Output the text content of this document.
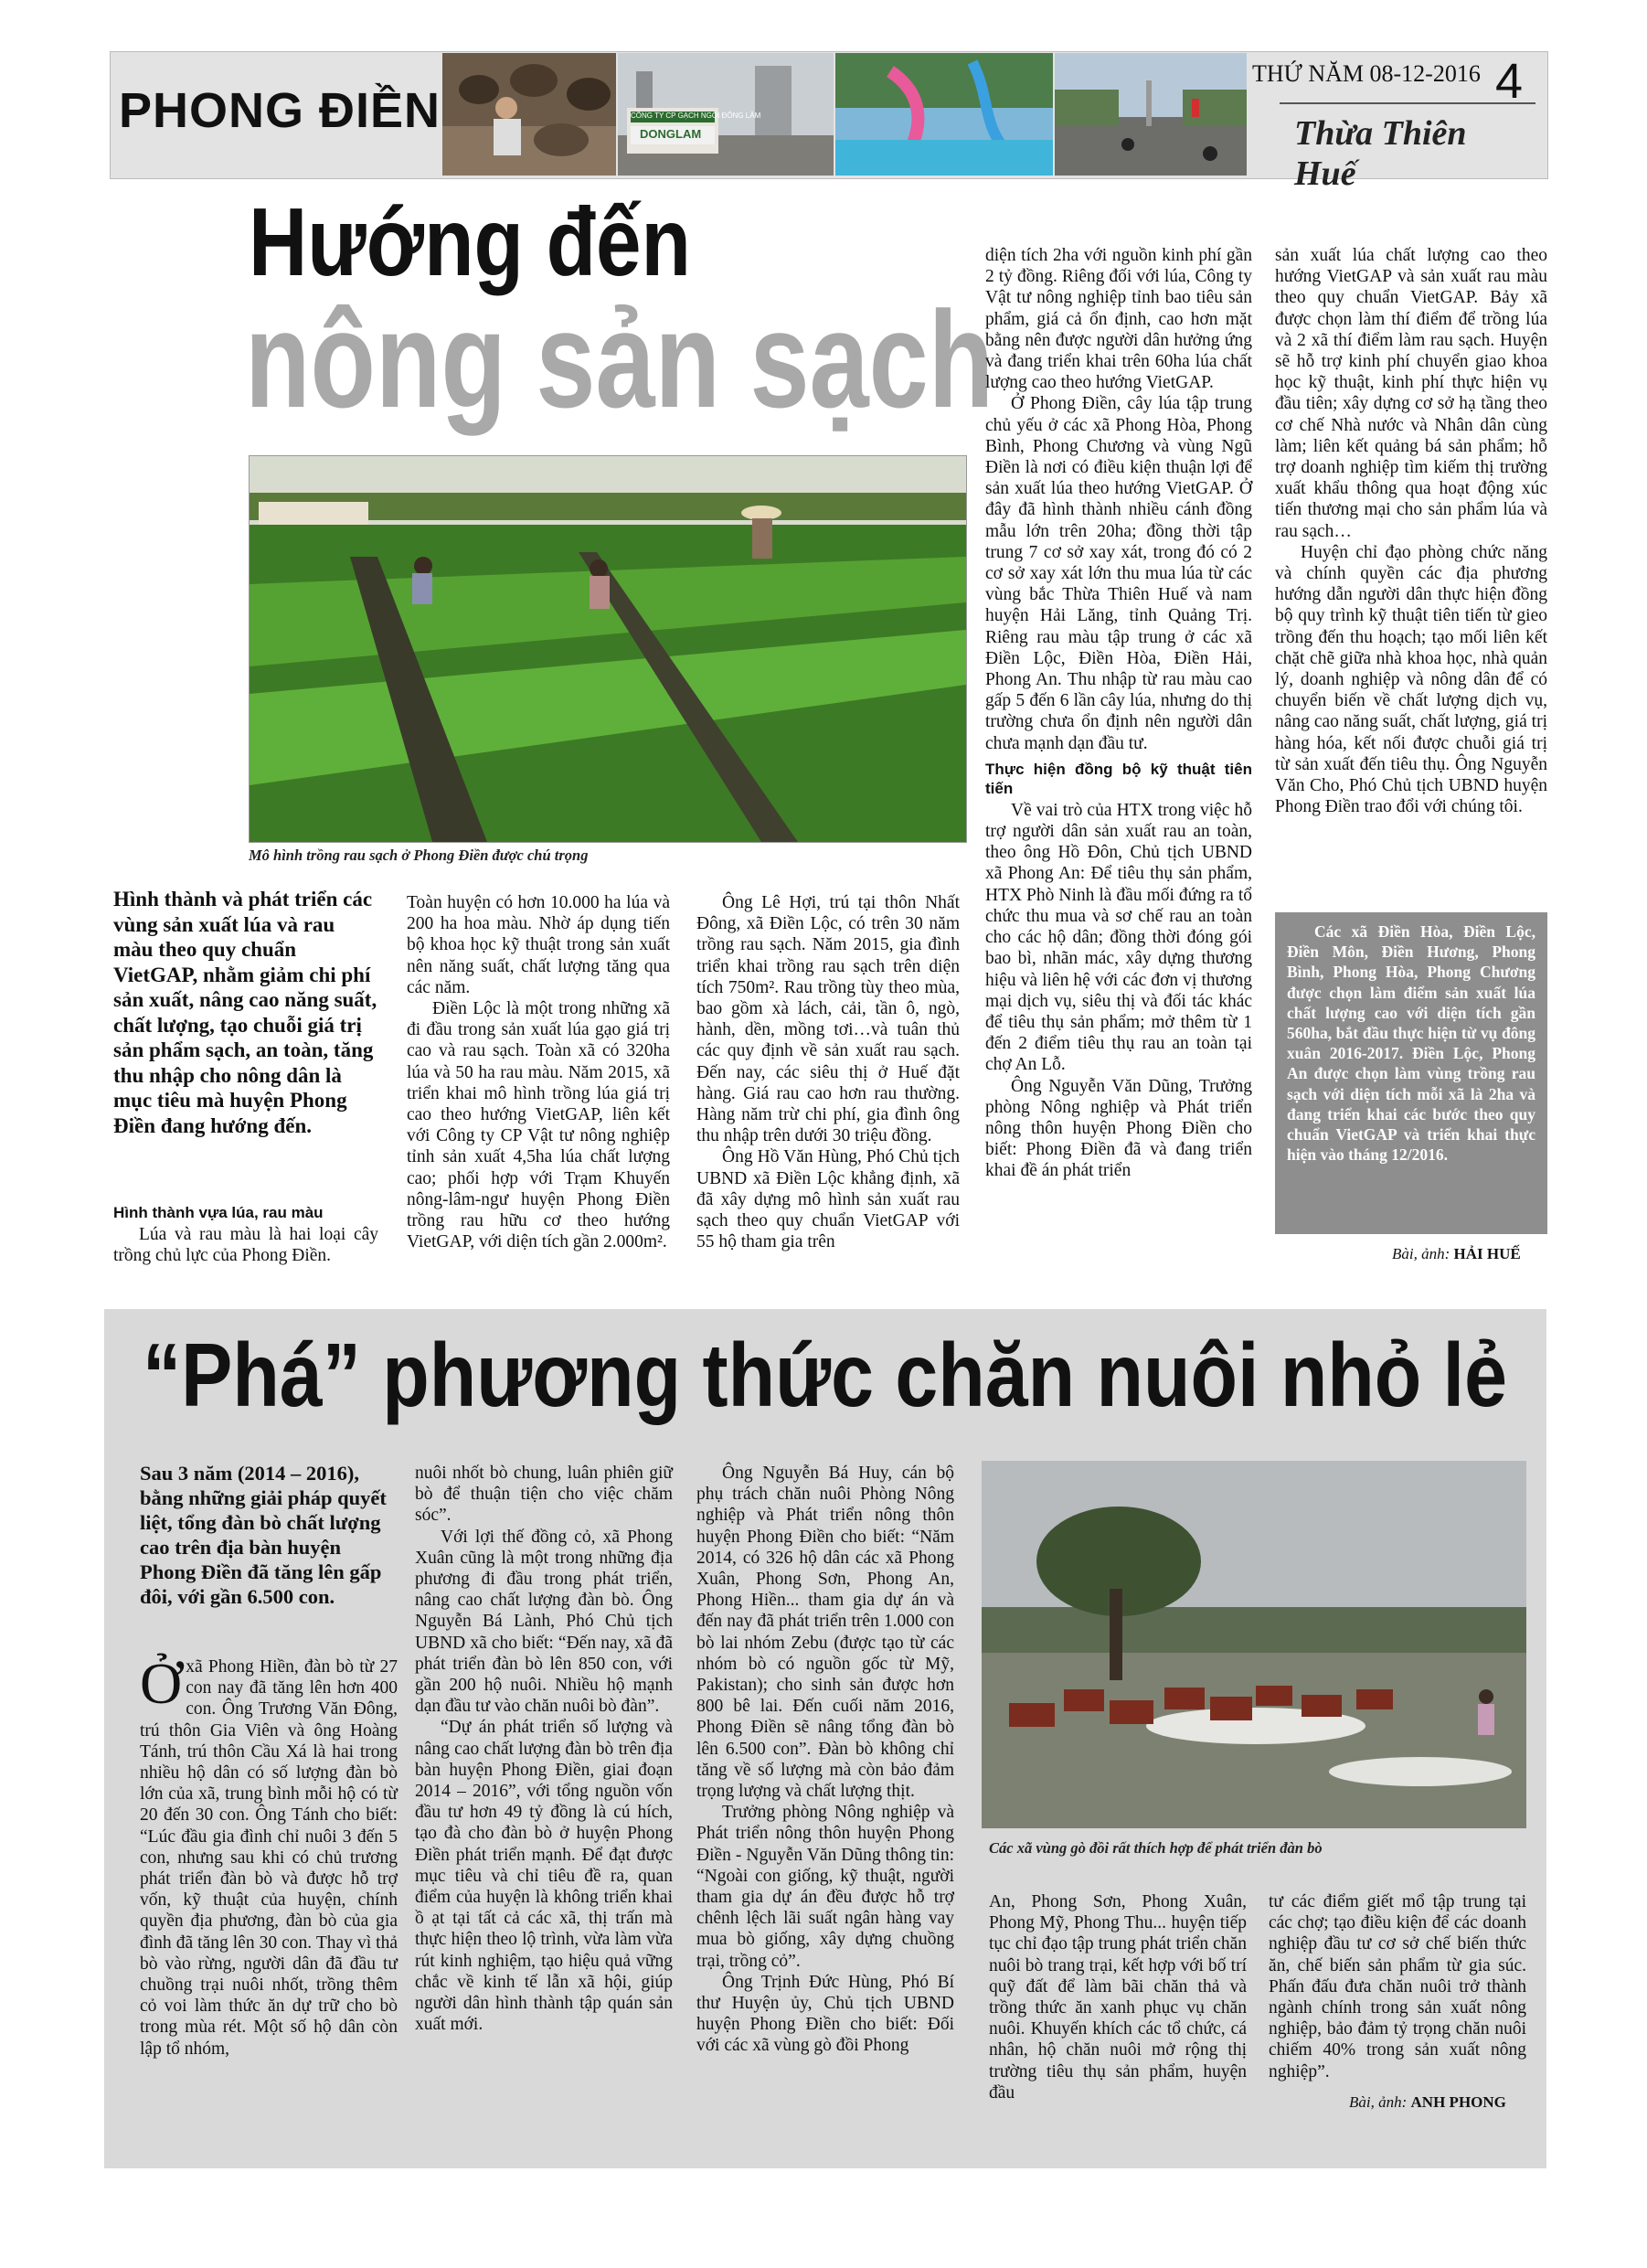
PHONG ĐIỀN	CÔNG TY CP GẠCH NGÓI ĐÔNG LÂM
DONGLAM
THỨ NĂM 08-12-2016 4
Thừa Thiên Huế
Hướng đến
nông sản sạch
Mô hình trồng rau sạch ở Phong Điền được chú trọng
Hình thành và phát triển các vùng sản xuất lúa và rau màu theo quy chuẩn VietGAP, nhằm giảm chi phí sản xuất, nâng cao năng suất, chất lượng, tạo chuỗi giá trị sản phẩm sạch, an toàn, tăng thu nhập cho nông dân là mục tiêu mà huyện Phong Điền đang hướng đến.
Hình thành vựa lúa, rau màu

Lúa và rau màu là hai loại cây trồng chủ lực của Phong Điền.

Toàn huyện có hơn 10.000 ha lúa và 200 ha hoa màu. Nhờ áp dụng tiến bộ khoa học kỹ thuật trong sản xuất nên năng suất, chất lượng tăng qua các năm.

Điền Lộc là một trong những xã đi đầu trong sản xuất lúa gạo giá trị cao và rau sạch. Toàn xã có 320ha lúa và 50 ha rau màu. Năm 2015, xã triển khai mô hình trồng lúa giá trị cao theo hướng VietGAP, liên kết với Công ty CP Vật tư nông nghiệp tỉnh sản xuất 4,5ha lúa chất lượng cao; phối hợp với Trạm Khuyến nông-lâm-ngư huyện Phong Điền trồng rau hữu cơ theo hướng VietGAP, với diện tích gần 2.000m².

Ông Lê Hợi, trú tại thôn Nhất Đông, xã Điền Lộc, có trên 30 năm trồng rau sạch. Năm 2015, gia đình triển khai trồng rau sạch trên diện tích 750m². Rau trồng tùy theo mùa, bao gồm xà lách, cải, tần ô, ngò, hành, dền, mồng tơi…và tuân thủ các quy định về sản xuất rau sạch. Đến nay, các siêu thị ở Huế đặt hàng. Giá rau cao hơn rau thường. Hàng năm trừ chi phí, gia đình ông thu nhập trên dưới 30 triệu đồng.

Ông Hồ Văn Hùng, Phó Chủ tịch UBND xã Điền Lộc khẳng định, xã đã xây dựng mô hình sản xuất rau sạch theo quy chuẩn VietGAP với 55 hộ tham gia trên

diện tích 2ha với nguồn kinh phí gần 2 tỷ đồng. Riêng đối với lúa, Công ty Vật tư nông nghiệp tỉnh bao tiêu sản phẩm, giá cả ổn định, cao hơn mặt bằng nên được người dân hưởng ứng và đang triển khai trên 60ha lúa chất lượng cao theo hướng VietGAP.

Ở Phong Điền, cây lúa tập trung chủ yếu ở các xã Phong Hòa, Phong Bình, Phong Chương và vùng Ngũ Điền là nơi có điều kiện thuận lợi để sản xuất lúa theo hướng VietGAP. Ở đây đã hình thành nhiều cánh đồng mẫu lớn trên 20ha; đồng thời tập trung 7 cơ sở xay xát, trong đó có 2 cơ sở xay xát lớn thu mua lúa từ các vùng bắc Thừa Thiên Huế và nam huyện Hải Lăng, tỉnh Quảng Trị. Riêng rau màu tập trung ở các xã Điền Lộc, Điền Hòa, Điền Hải, Phong An. Thu nhập từ rau màu cao gấp 5 đến 6 lần cây lúa, nhưng do thị trường chưa ổn định nên người dân chưa mạnh dạn đầu tư.

Thực hiện đồng bộ kỹ thuật tiên tiến

Về vai trò của HTX trong việc hỗ trợ người dân sản xuất rau an toàn, theo ông Hồ Đôn, Chủ tịch UBND xã Phong An: Để tiêu thụ sản phẩm, HTX Phò Ninh là đầu mối đứng ra tổ chức thu mua và sơ chế rau an toàn cho các hộ dân; đồng thời đóng gói bao bì, nhãn mác, xây dựng thương hiệu và liên hệ với các đơn vị thương mại dịch vụ, siêu thị và đối tác khác để tiêu thụ sản phẩm; mở thêm từ 1 đến 2 điểm tiêu thụ rau an toàn tại chợ An Lỗ.

Ông Nguyễn Văn Dũng, Trưởng phòng Nông nghiệp và Phát triển nông thôn huyện Phong Điền cho biết: Phong Điền đã và đang triển khai đề án phát triển

sản xuất lúa chất lượng cao theo hướng VietGAP và sản xuất rau màu theo quy chuẩn VietGAP. Bảy xã được chọn làm thí điểm để trồng lúa và 2 xã thí điểm làm rau sạch. Huyện sẽ hỗ trợ kinh phí chuyển giao khoa học kỹ thuật, kinh phí thực hiện vụ đầu tiên; xây dựng cơ sở hạ tầng theo cơ chế Nhà nước và Nhân dân cùng làm; liên kết quảng bá sản phẩm; hỗ trợ doanh nghiệp tìm kiếm thị trường xuất khẩu thông qua hoạt động xúc tiến thương mại cho sản phẩm lúa và rau sạch…

Huyện chỉ đạo phòng chức năng và chính quyền các địa phương hướng dẫn người dân thực hiện đồng bộ quy trình kỹ thuật tiên tiến từ gieo trồng đến thu hoạch; tạo mối liên kết chặt chẽ giữa nhà khoa học, nhà quản lý, doanh nghiệp và nông dân để có chuyển biến về chất lượng dịch vụ, nâng cao năng suất, chất lượng, giá trị hàng hóa, kết nối được chuỗi giá trị từ sản xuất đến tiêu thụ. Ông Nguyễn Văn Cho, Phó Chủ tịch UBND huyện Phong Điền trao đổi với chúng tôi.

Các xã Điền Hòa, Điền Lộc, Điền Môn, Điền Hương, Phong Bình, Phong Hòa, Phong Chương được chọn làm điểm sản xuất lúa chất lượng cao với diện tích gần 560ha, bắt đầu thực hiện từ vụ đông xuân 2016-2017. Điền Lộc, Phong An được chọn làm vùng trồng rau sạch với diện tích mỗi xã là 2ha và đang triển khai các bước theo quy chuẩn VietGAP và triển khai thực hiện vào tháng 12/2016.
Bài, ảnh: HẢI HUẾ
“Phá” phương thức chăn nuôi nhỏ lẻ
Sau 3 năm (2014 – 2016), bằng những giải pháp quyết liệt, tổng đàn bò chất lượng cao trên địa bàn huyện Phong Điền đã tăng lên gấp đôi, với gần 6.500 con.
Ở xã Phong Hiền, đàn bò từ 27 con nay đã tăng lên hơn 400 con. Ông Trương Văn Đông, trú thôn Gia Viên và ông Hoàng Tánh, trú thôn Cầu Xá là hai trong nhiều hộ dân có số lượng đàn bò lớn của xã, trung bình mỗi hộ có từ 20 đến 30 con. Ông Tánh cho biết: “Lúc đầu gia đình chỉ nuôi 3 đến 5 con, nhưng sau khi có chủ trương phát triển đàn bò và được hỗ trợ vốn, kỹ thuật của huyện, chính quyền địa phương, đàn bò của gia đình đã tăng lên 30 con. Thay vì thả bò vào rừng, người dân đã đầu tư chuồng trại nuôi nhốt, trồng thêm cỏ voi làm thức ăn dự trữ cho bò trong mùa rét. Một số hộ dân còn lập tổ nhóm,

nuôi nhốt bò chung, luân phiên giữ bò để thuận tiện cho việc chăm sóc”.

Với lợi thế đồng cỏ, xã Phong Xuân cũng là một trong những địa phương đi đầu trong phát triển, nâng cao chất lượng đàn bò. Ông Nguyễn Bá Lành, Phó Chủ tịch UBND xã cho biết: “Đến nay, xã đã phát triển đàn bò lên 850 con, với gần 200 hộ nuôi. Nhiều hộ mạnh dạn đầu tư vào chăn nuôi bò đàn”.

“Dự án phát triển số lượng và nâng cao chất lượng đàn bò trên địa bàn huyện Phong Điền, giai đoạn 2014 – 2016”, với tổng nguồn vốn đầu tư hơn 49 tỷ đồng là cú hích, tạo đà cho đàn bò ở huyện Phong Điền phát triển mạnh. Để đạt được mục tiêu và chỉ tiêu đề ra, quan điểm của huyện là không triển khai ồ ạt tại tất cả các xã, thị trấn mà thực hiện theo lộ trình, vừa làm vừa rút kinh nghiệm, tạo hiệu quả vững chắc về kinh tế lẫn xã hội, giúp người dân hình thành tập quán sản xuất mới.

Ông Nguyễn Bá Huy, cán bộ phụ trách chăn nuôi Phòng Nông nghiệp và Phát triển nông thôn huyện Phong Điền cho biết: “Năm 2014, có 326 hộ dân các xã Phong Xuân, Phong Sơn, Phong An, Phong Hiền... tham gia dự án và đến nay đã phát triển trên 1.000 con bò lai nhóm Zebu (được tạo từ các nhóm bò có nguồn gốc từ Mỹ, Pakistan); cho sinh sản được hơn 800 bê lai. Đến cuối năm 2016, Phong Điền sẽ nâng tổng đàn bò lên 6.500 con”. Đàn bò không chỉ tăng về số lượng mà còn bảo đảm trọng lượng và chất lượng thịt.

Trưởng phòng Nông nghiệp và Phát triển nông thôn huyện Phong Điền - Nguyễn Văn Dũng thông tin: “Ngoài con giống, kỹ thuật, người tham gia dự án đều được hỗ trợ chênh lệch lãi suất ngân hàng vay mua bò giống, xây dựng chuồng trại, trồng cỏ”.

Ông Trịnh Đức Hùng, Phó Bí thư Huyện ủy, Chủ tịch UBND huyện Phong Điền cho biết: Đối với các xã vùng gò đồi Phong

Các xã vùng gò đồi rất thích hợp để phát triển đàn bò

An, Phong Sơn, Phong Xuân, Phong Mỹ, Phong Thu... huyện tiếp tục chỉ đạo tập trung phát triển chăn nuôi bò trang trại, kết hợp với bố trí quỹ đất để làm bãi chăn thả và trồng thức ăn xanh phục vụ chăn nuôi. Khuyến khích các tổ chức, cá nhân, hộ chăn nuôi mở rộng thị trường tiêu thụ sản phẩm, huyện đầu

tư các điểm giết mổ tập trung tại các chợ; tạo điều kiện để các doanh nghiệp đầu tư cơ sở chế biến thức ăn, chế biến sản phẩm từ gia súc. Phấn đấu đưa chăn nuôi trở thành ngành chính trong sản xuất nông nghiệp, bảo đảm tỷ trọng chăn nuôi chiếm 40% trong sản xuất nông nghiệp”.

Bài, ảnh: ANH PHONG
